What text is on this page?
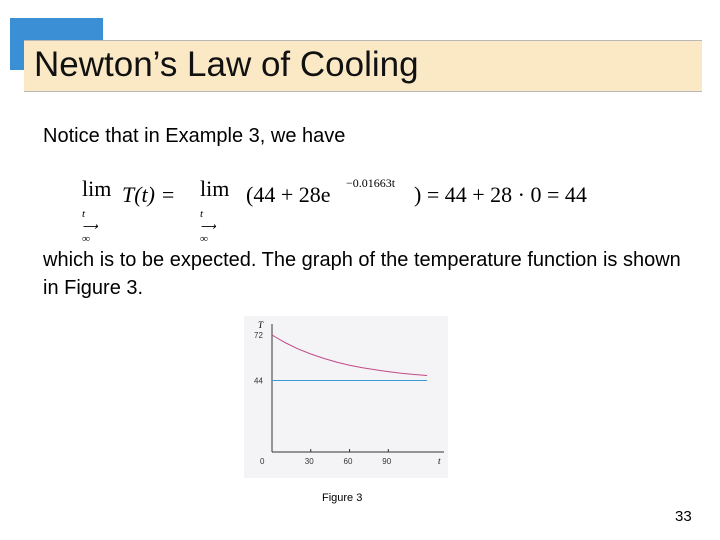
Newton’s Law of Cooling
Notice that in Example 3, we have
lim
t ⟶ ∞
T(t) = lim
t ⟶ ∞
(44 + 28e −0.01663t ) = 44 + 28 · 0 = 44
which is to be expected. The graph of the temperature function is shown in Figure 3.
t
T
0	30	60	90
72
44
Figure 3
33
